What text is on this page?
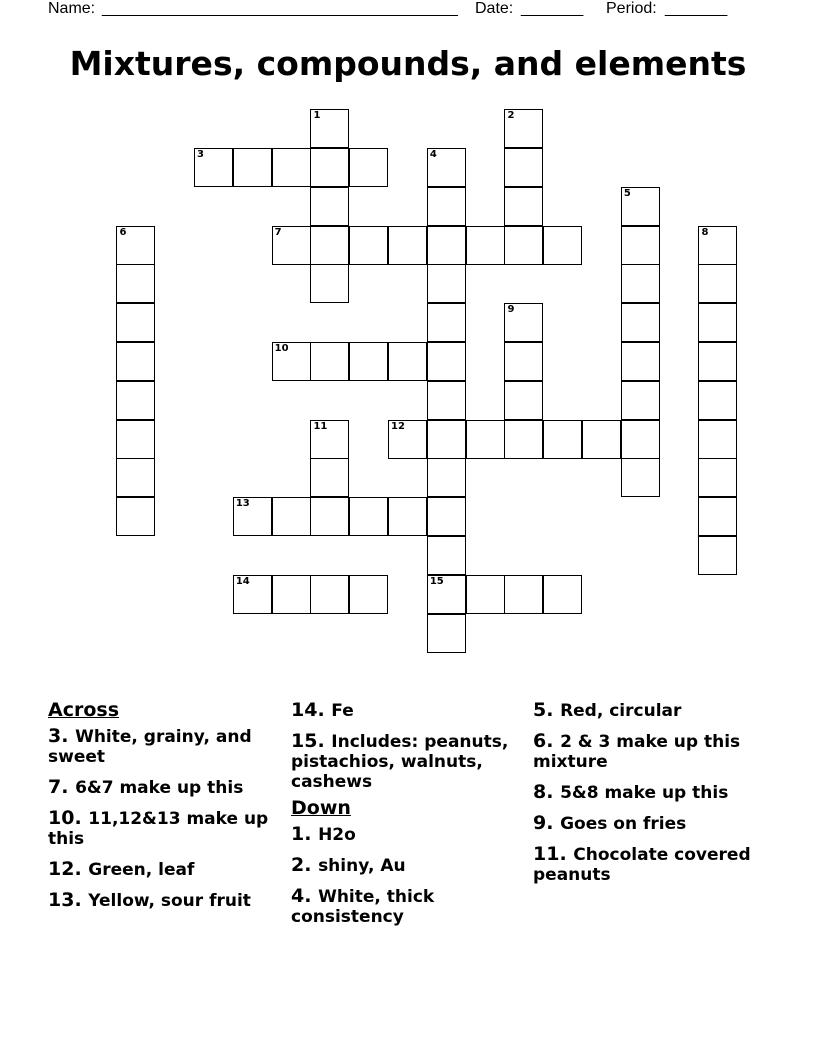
Name: ________________________________________ Date: _______ Period: _______
Mixtures, compounds, and elements
1	2
3	4
5
6	7	8
9
10
11	12
13
14	15
Across
3. White, grainy, and sweet
7. 6&7 make up this
10. 11,12&13 make up this
12. Green, leaf
13. Yellow, sour fruit
14. Fe
15. Includes: peanuts, pistachios, walnuts, cashews
Down
1. H2o
2. shiny, Au
4. White, thick consistency
5. Red, circular
6. 2 & 3 make up this mixture
8. 5&8 make up this
9. Goes on fries
11. Chocolate covered peanuts
